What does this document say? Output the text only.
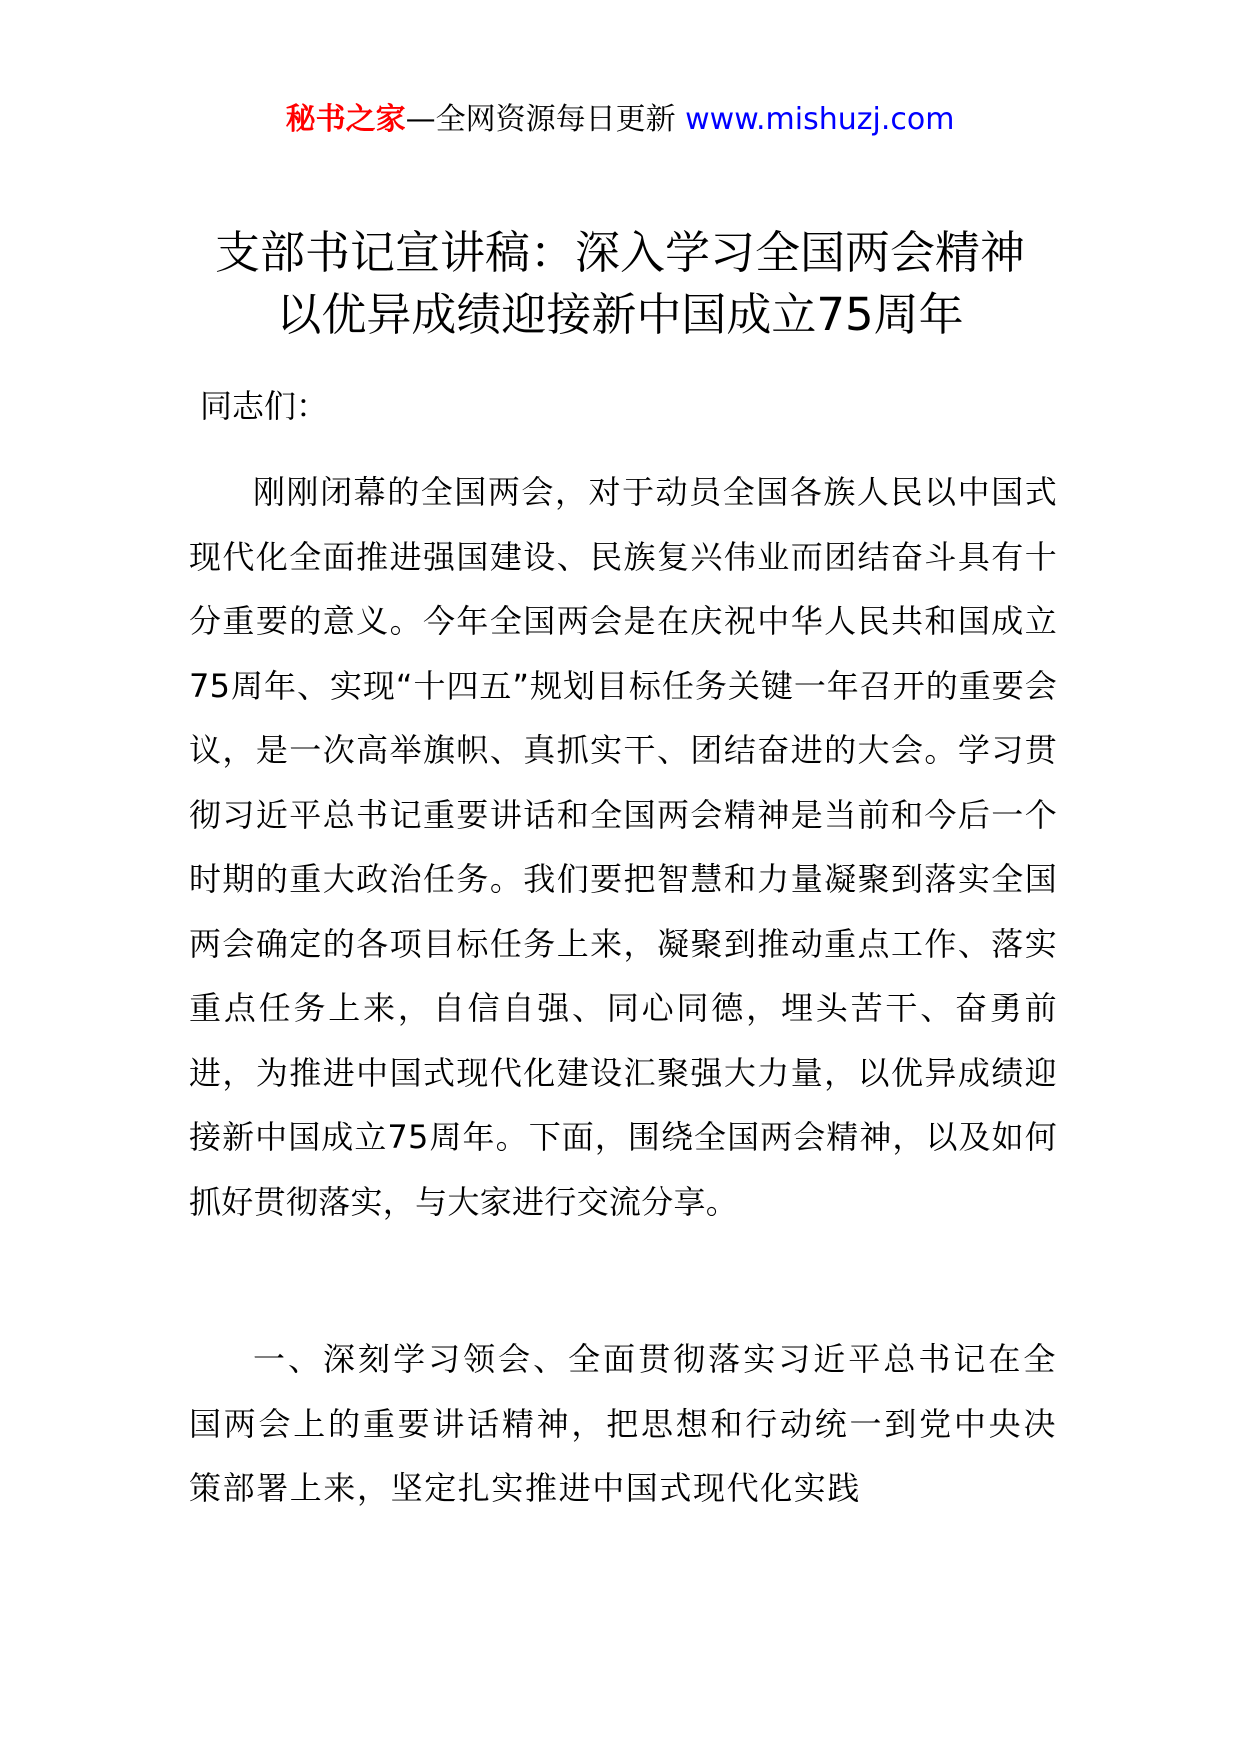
秘书之家—全网资源每日更新 www.mishuzj.com
支部书记宣讲稿：深入学习全国两会精神
以优异成绩迎接新中国成立75周年
同志们：
刚刚闭幕的全国两会，对于动员全国各族人民以中国式现代化全面推进强国建设、民族复兴伟业而团结奋斗具有十分重要的意义。今年全国两会是在庆祝中华人民共和国成立75周年、实现“十四五”规划目标任务关键一年召开的重要会议，是一次高举旗帜、真抓实干、团结奋进的大会。学习贯彻习近平总书记重要讲话和全国两会精神是当前和今后一个时期的重大政治任务。我们要把智慧和力量凝聚到落实全国两会确定的各项目标任务上来，凝聚到推动重点工作、落实重点任务上来，自信自强、同心同德，埋头苦干、奋勇前进，为推进中国式现代化建设汇聚强大力量，以优异成绩迎接新中国成立75周年。下面，围绕全国两会精神，以及如何抓好贯彻落实，与大家进行交流分享。
一、深刻学习领会、全面贯彻落实习近平总书记在全国两会上的重要讲话精神，把思想和行动统一到党中央决策部署上来，坚定扎实推进中国式现代化实践
